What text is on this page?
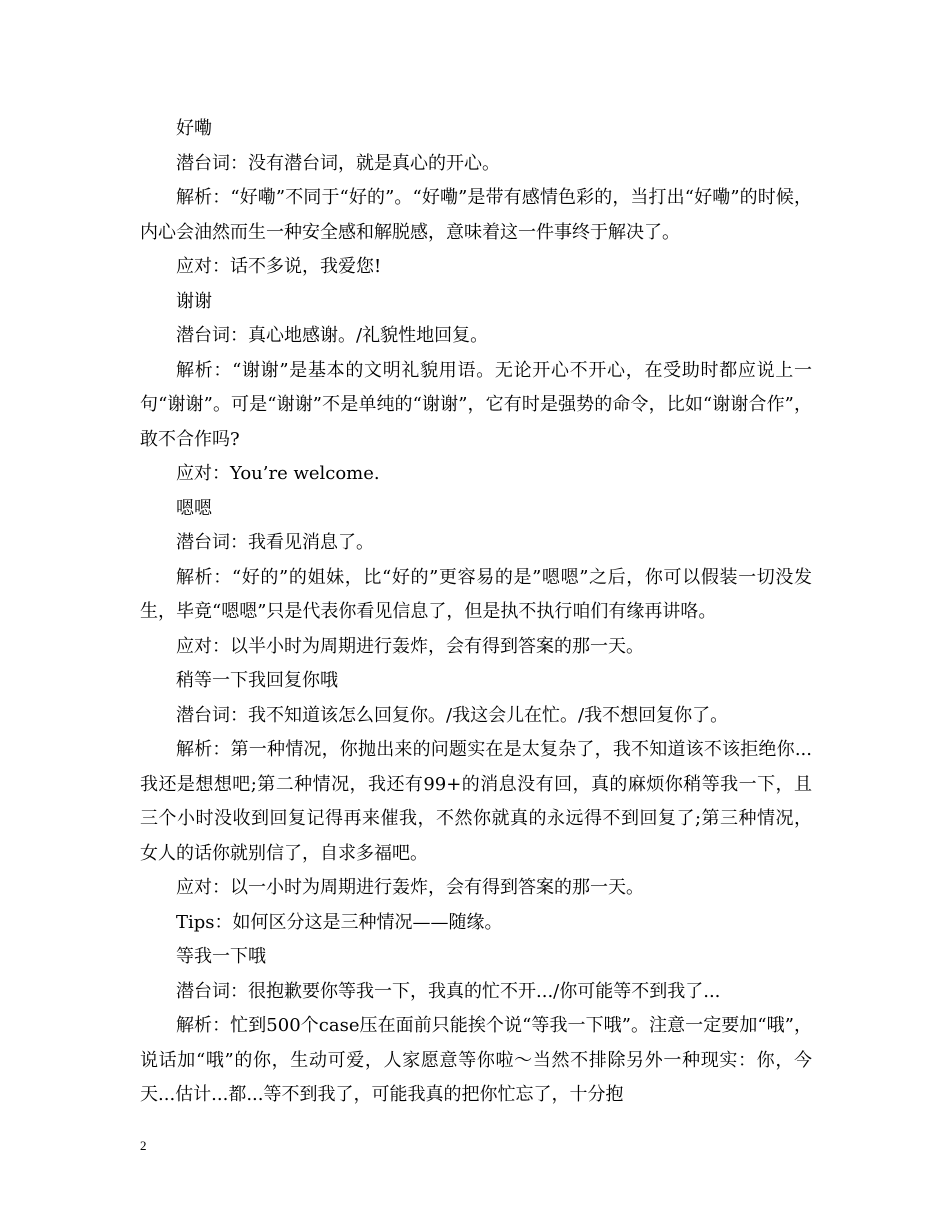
好嘞

潜台词：没有潜台词，就是真心的开心。

解析：“好嘞”不同于“好的”。“好嘞”是带有感情色彩的，当打出“好嘞”的时候，内心会油然而生一种安全感和解脱感，意味着这一件事终于解决了。

应对：话不多说，我爱您!

谢谢

潜台词：真心地感谢。/礼貌性地回复。

解析：“谢谢”是基本的文明礼貌用语。无论开心不开心，在受助时都应说上一句“谢谢”。可是“谢谢”不是单纯的“谢谢”，它有时是强势的命令，比如“谢谢合作”，敢不合作吗?

应对：You’re welcome.

嗯嗯

潜台词：我看见消息了。

解析：“好的”的姐妹，比“好的”更容易的是”嗯嗯”之后，你可以假装一切没发生，毕竟“嗯嗯”只是代表你看见信息了，但是执不执行咱们有缘再讲咯。

应对：以半小时为周期进行轰炸，会有得到答案的那一天。

稍等一下我回复你哦

潜台词：我不知道该怎么回复你。/我这会儿在忙。/我不想回复你了。

解析：第一种情况，你抛出来的问题实在是太复杂了，我不知道该不该拒绝你...我还是想想吧;第二种情况，我还有99+的消息没有回，真的麻烦你稍等我一下，且三个小时没收到回复记得再来催我，不然你就真的永远得不到回复了;第三种情况，女人的话你就别信了，自求多福吧。

应对：以一小时为周期进行轰炸，会有得到答案的那一天。

Tips：如何区分这是三种情况——随缘。

等我一下哦

潜台词：很抱歉要你等我一下，我真的忙不开.../你可能等不到我了...

解析：忙到500个case压在面前只能挨个说“等我一下哦”。注意一定要加“哦”，说话加“哦”的你，生动可爱，人家愿意等你啦～当然不排除另外一种现实：你，今天...估计...都...等不到我了，可能我真的把你忙忘了，十分抱

2
